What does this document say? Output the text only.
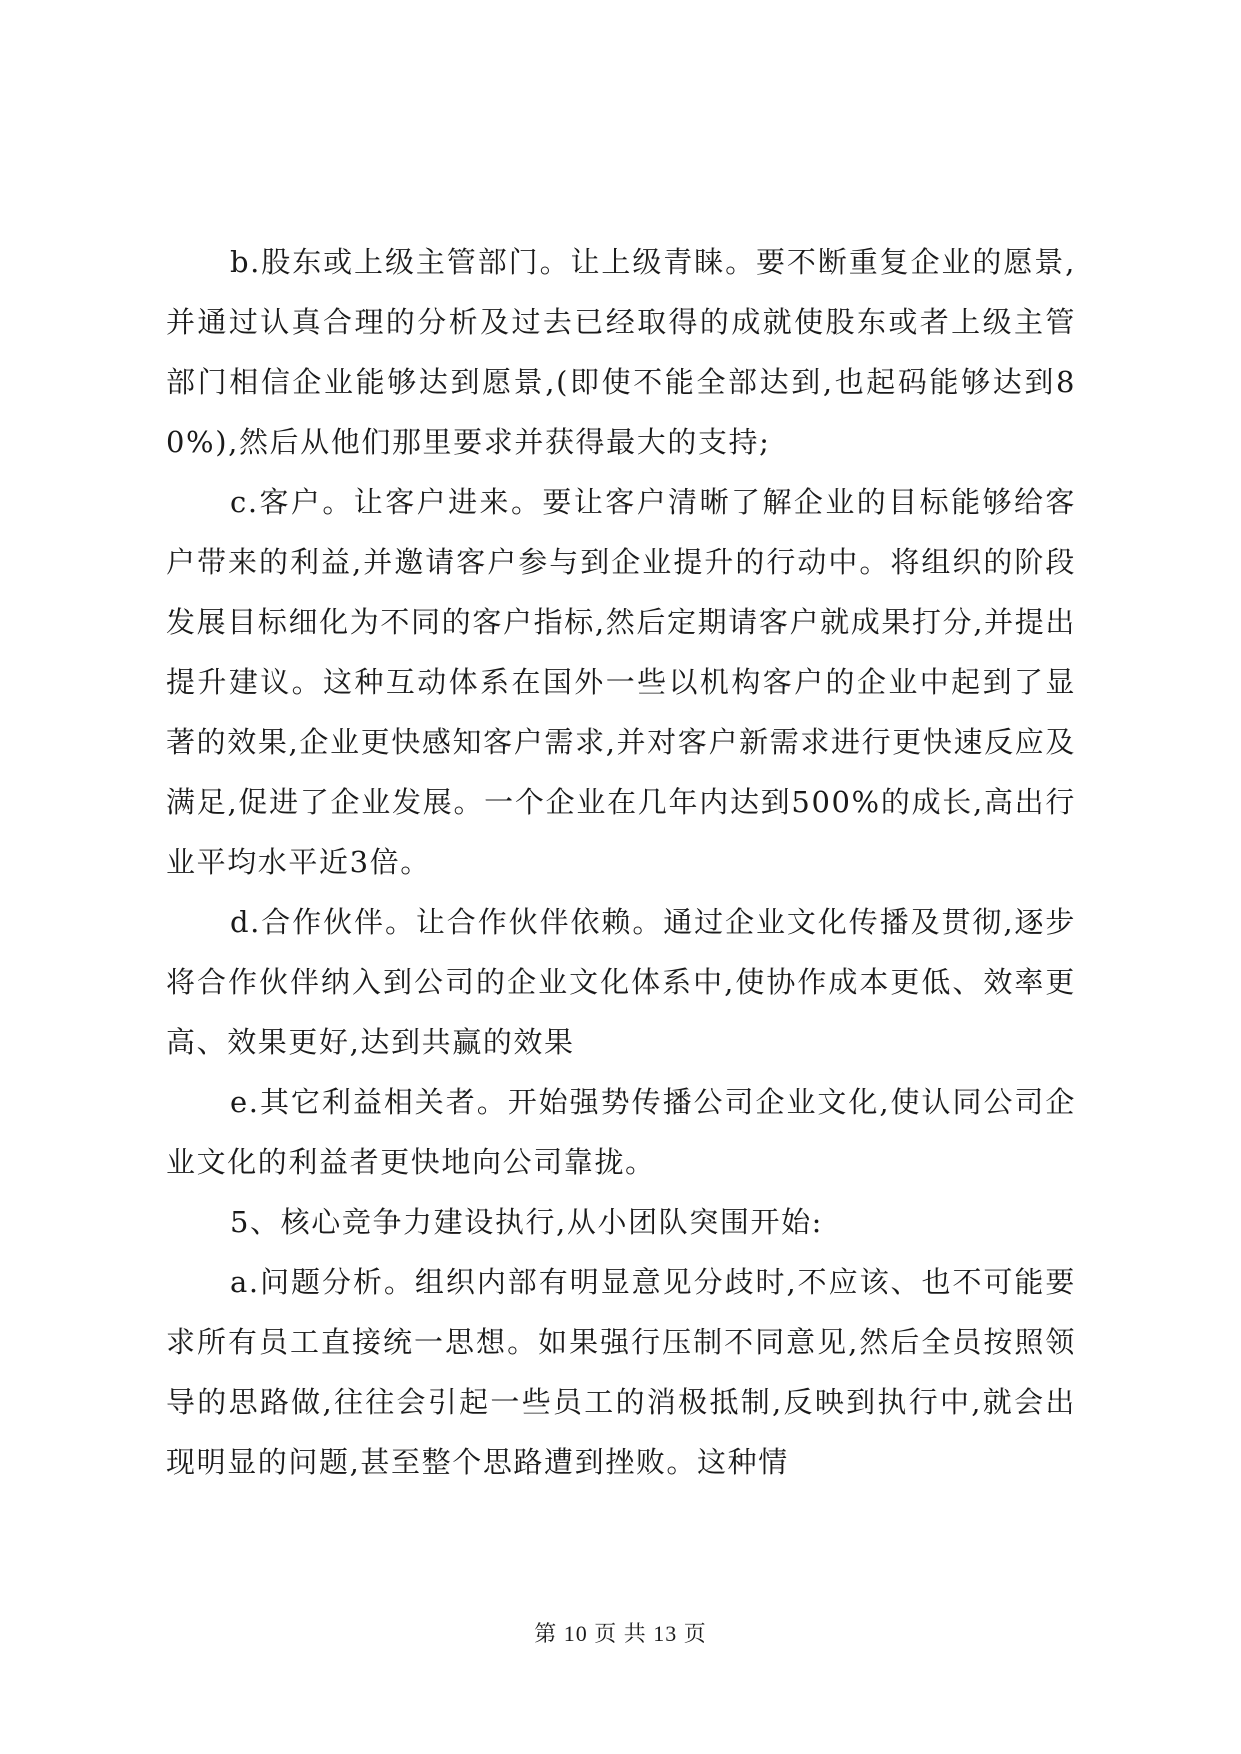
b.股东或上级主管部门。让上级青睐。要不断重复企业的愿景,并通过认真合理的分析及过去已经取得的成就使股东或者上级主管部门相信企业能够达到愿景,(即使不能全部达到,也起码能够达到80%),然后从他们那里要求并获得最大的支持;

c.客户。让客户进来。要让客户清晰了解企业的目标能够给客户带来的利益,并邀请客户参与到企业提升的行动中。将组织的阶段发展目标细化为不同的客户指标,然后定期请客户就成果打分,并提出提升建议。这种互动体系在国外一些以机构客户的企业中起到了显著的效果,企业更快感知客户需求,并对客户新需求进行更快速反应及满足,促进了企业发展。一个企业在几年内达到500%的成长,高出行业平均水平近3倍。

d.合作伙伴。让合作伙伴依赖。通过企业文化传播及贯彻,逐步将合作伙伴纳入到公司的企业文化体系中,使协作成本更低、效率更高、效果更好,达到共赢的效果

e.其它利益相关者。开始强势传播公司企业文化,使认同公司企业文化的利益者更快地向公司靠拢。

5、核心竞争力建设执行,从小团队突围开始:

a.问题分析。组织内部有明显意见分歧时,不应该、也不可能要求所有员工直接统一思想。如果强行压制不同意见,然后全员按照领导的思路做,往往会引起一些员工的消极抵制,反映到执行中,就会出现明显的问题,甚至整个思路遭到挫败。这种情

第 10 页 共 13 页
